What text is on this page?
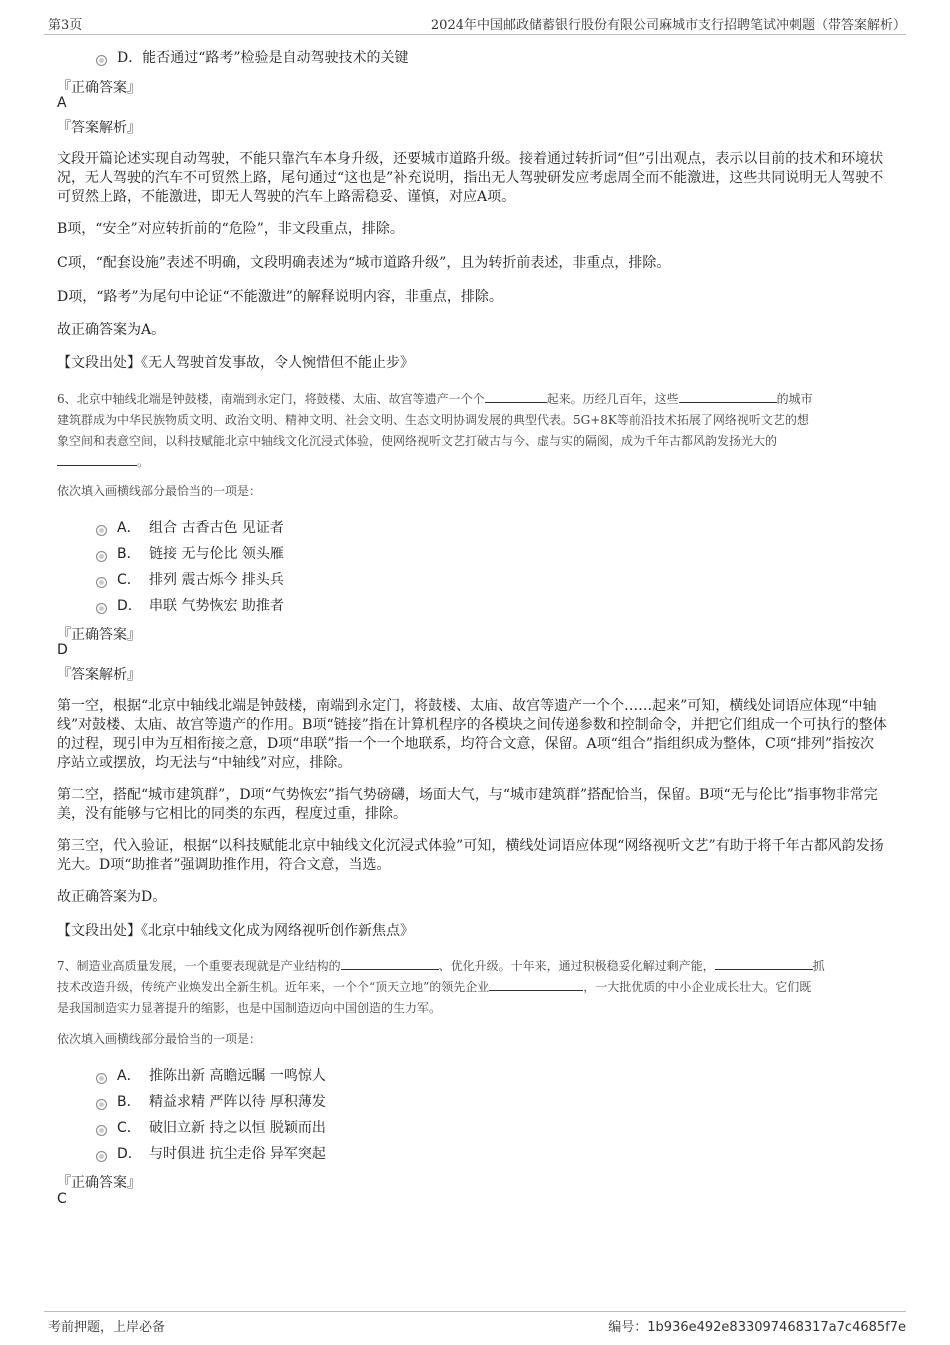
第3页	2024年中国邮政储蓄银行股份有限公司麻城市支行招聘笔试冲刺题（带答案解析）
D．能否通过“路考”检验是自动驾驶技术的关键
『正确答案』
A
『答案解析』
文段开篇论述实现自动驾驶，不能只靠汽车本身升级，还要城市道路升级。接着通过转折词“但”引出观点，表示以目前的技术和环境状况，无人驾驶的汽车不可贸然上路，尾句通过“这也是”补充说明，指出无人驾驶研发应考虑周全而不能激进，这些共同说明无人驾驶不可贸然上路，不能激进，即无人驾驶的汽车上路需稳妥、谨慎，对应A项。
B项，“安全”对应转折前的“危险”，非文段重点，排除。
C项，“配套设施”表述不明确，文段明确表述为“城市道路升级”，且为转折前表述，非重点，排除。
D项，“路考”为尾句中论证“不能激进”的解释说明内容，非重点，排除。
故正确答案为A。
【文段出处】《无人驾驶首发事故，令人惋惜但不能止步》
6、北京中轴线北端是钟鼓楼，南端到永定门，将鼓楼、太庙、故宫等遗产一个个	起来。历经几百年，这些	的城市
建筑群成为中华民族物质文明、政治文明、精神文明、社会文明、生态文明协调发展的典型代表。5G+8K等前沿技术拓展了网络视听文艺的想
象空间和表意空间，以科技赋能北京中轴线文化沉浸式体验，使网络视听文艺打破古与今、虚与实的隔阂，成为千年古都风韵发扬光大的
。
依次填入画横线部分最恰当的一项是：
A． 组合 古香古色 见证者
B． 链接 无与伦比 领头雁
C． 排列 震古烁今 排头兵
D． 串联 气势恢宏 助推者
『正确答案』
D
『答案解析』
第一空，根据“北京中轴线北端是钟鼓楼，南端到永定门，将鼓楼、太庙、故宫等遗产一个个……起来”可知，横线处词语应体现“中轴线”对鼓楼、太庙、故宫等遗产的作用。B项“链接”指在计算机程序的各模块之间传递参数和控制命令，并把它们组成一个可执行的整体的过程，现引申为互相衔接之意，D项“串联”指一个一个地联系，均符合文意，保留。A项“组合”指组织成为整体，C项“排列”指按次序站立或摆放，均无法与“中轴线”对应，排除。
第二空，搭配“城市建筑群”，D项“气势恢宏”指气势磅礴，场面大气，与“城市建筑群”搭配恰当，保留。B项“无与伦比”指事物非常完美，没有能够与它相比的同类的东西，程度过重，排除。
第三空，代入验证，根据“以科技赋能北京中轴线文化沉浸式体验”可知，横线处词语应体现“网络视听文艺”有助于将千年古都风韵发扬光大。D项“助推者”强调助推作用，符合文意，当选。
故正确答案为D。
【文段出处】《北京中轴线文化成为网络视听创作新焦点》
7、制造业高质量发展，一个重要表现就是产业结构的	、优化升级。十年来，通过积极稳妥化解过剩产能，	抓
技术改造升级，传统产业焕发出全新生机。近年来，一个个“顶天立地”的领先企业	，一大批优质的中小企业成长壮大。它们既
是我国制造实力显著提升的缩影，也是中国制造迈向中国创造的生力军。
依次填入画横线部分最恰当的一项是：
A． 推陈出新 高瞻远瞩 一鸣惊人
B． 精益求精 严阵以待 厚积薄发
C． 破旧立新 持之以恒 脱颖而出
D． 与时俱进 抗尘走俗 异军突起
『正确答案』
C
考前押题，上岸必备	编号：1b936e492e833097468317a7c4685f7e
